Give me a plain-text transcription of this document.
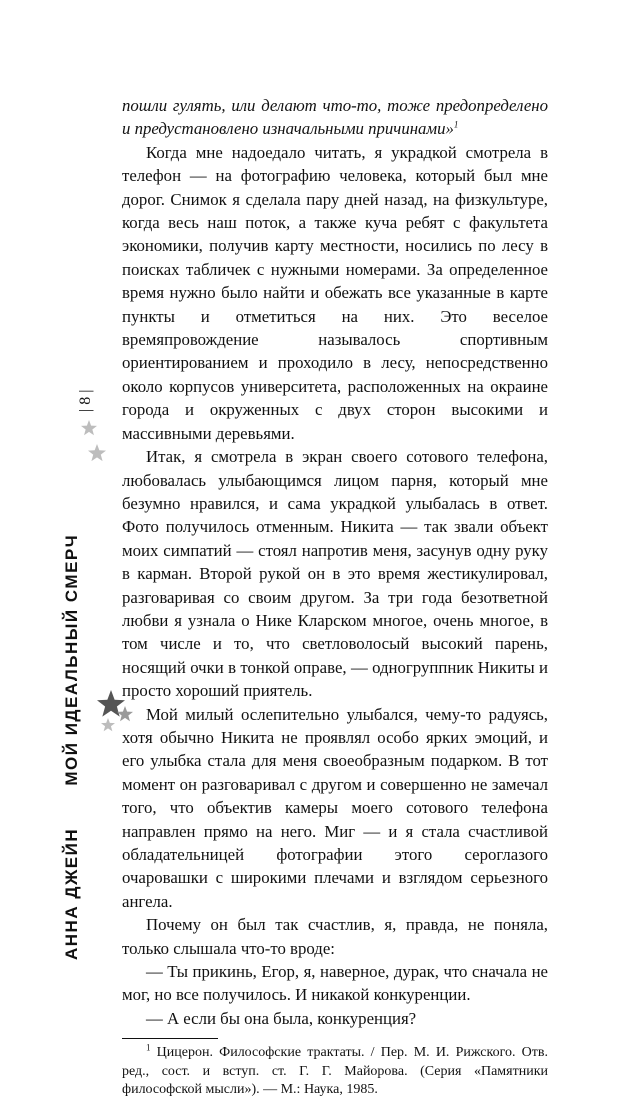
| 8 |
АННА ДЖЕЙН МОЙ ИДЕАЛЬНЫЙ СМЕРЧ

пошли гулять, или делают что-то, тоже предопределено и предустановлено изначальными причинами»$^1$

Когда мне надоедало читать, я украдкой смотрела в телефон — на фотографию человека, который был мне дорог. Снимок я сделала пару дней назад, на физкультуре, когда весь наш поток, а также куча ребят с факультета экономики, получив карту местности, носились по лесу в поисках табличек с нужными номерами. За определенное время нужно было найти и обежать все указанные в карте пункты и отметиться на них. Это веселое времяпровождение называлось спортивным ориентированием и проходило в лесу, непосредственно около корпусов университета, расположенных на окраине города и окруженных с двух сторон высокими и массивными деревьями.

Итак, я смотрела в экран своего сотового телефона, любовалась улыбающимся лицом парня, который мне безумно нравился, и сама украдкой улыбалась в ответ. Фото получилось отменным. Никита — так звали объект моих симпатий — стоял напротив меня, засунув одну руку в карман. Второй рукой он в это время жестикулировал, разговаривая со своим другом. За три года безответной любви я узнала о Нике Кларском многое, очень многое, в том числе и то, что светловолосый высокий парень, носящий очки в тонкой оправе, — одногруппник Никиты и просто хороший приятель.

Мой милый ослепительно улыбался, чему-то радуясь, хотя обычно Никита не проявлял особо ярких эмоций, и его улыбка стала для меня своеобразным подарком. В тот момент он разговаривал с другом и совершенно не замечал того, что объектив камеры моего сотового телефона направлен прямо на него. Миг — и я стала счастливой обладательницей фотографии этого сероглазого очаровашки с широкими плечами и взглядом серьезного ангела.

Почему он был так счастлив, я, правда, не поняла, только слышала что-то вроде:

— Ты прикинь, Егор, я, наверное, дурак, что сначала не мог, но все получилось. И никакой конкуренции.

— А если бы она была, конкуренция?

$^1$ Цицерон. Философские трактаты. / Пер. М. И. Рижского. Отв. ред., сост. и вступ. ст. Г. Г. Майорова. (Серия «Памятники философской мысли»). — М.: Наука, 1985.
